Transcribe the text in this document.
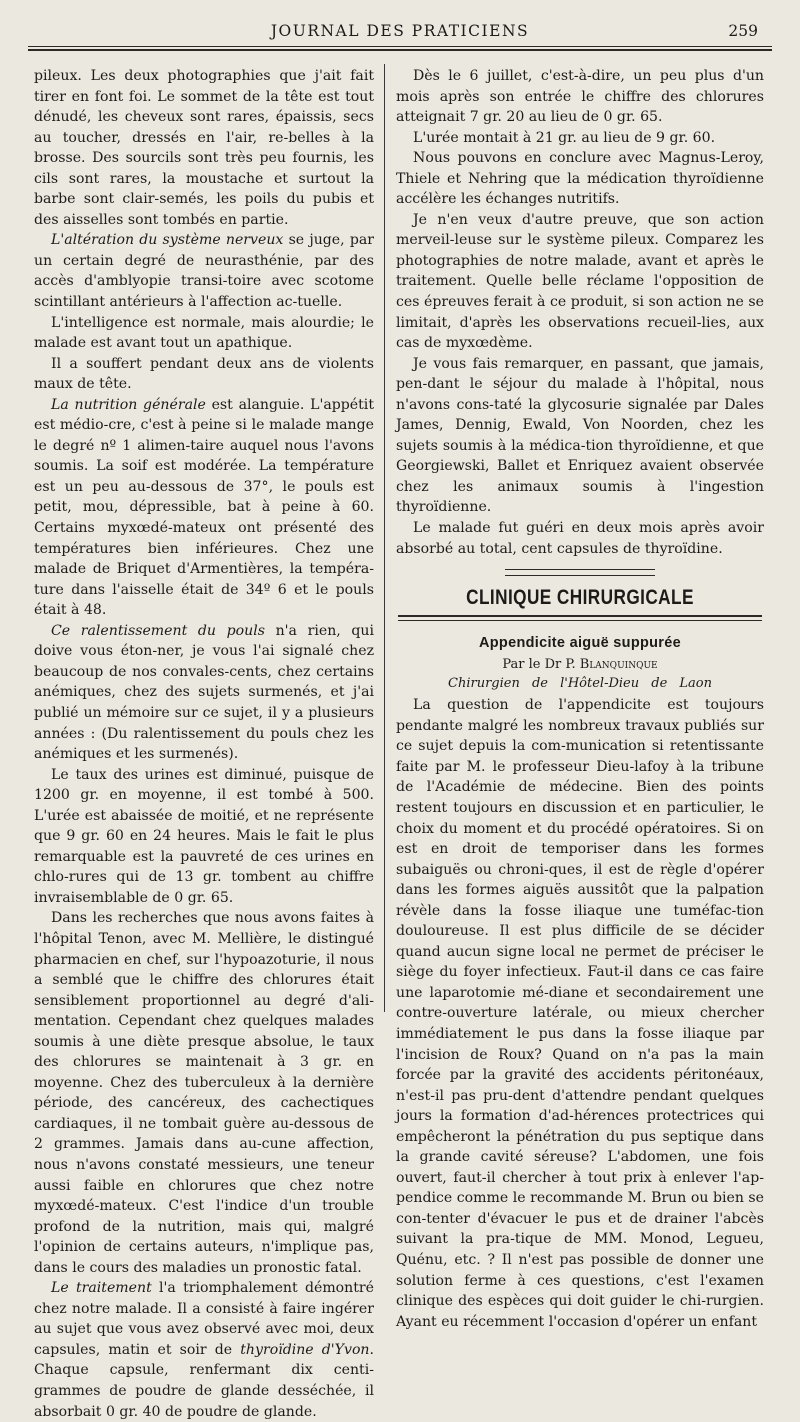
JOURNAL DES PRATICIENS	259

pileux. Les deux photographies que j'ait fait tirer en font foi. Le sommet de la tête est tout dénudé, les cheveux sont rares, épaissis, secs au toucher, dressés en l'air, re-belles à la brosse. Des sourcils sont très peu fournis, les cils sont rares, la moustache et surtout la barbe sont clair-semés, les poils du pubis et des aisselles sont tombés en partie.

L'altération du système nerveux se juge, par un certain degré de neurasthénie, par des accès d'amblyopie transi-toire avec scotome scintillant antérieurs à l'affection ac-tuelle.

L'intelligence est normale, mais alourdie; le malade est avant tout un apathique.

Il a souffert pendant deux ans de violents maux de tête.

La nutrition générale est alanguie. L'appétit est médio-cre, c'est à peine si le malade mange le degré nº 1 alimen-taire auquel nous l'avons soumis. La soif est modérée. La température est un peu au-dessous de 37°, le pouls est petit, mou, dépressible, bat à peine à 60. Certains myxœdé-mateux ont présenté des températures bien inférieures. Chez une malade de Briquet d'Armentières, la tempéra-ture dans l'aisselle était de 34º 6 et le pouls était à 48.

Ce ralentissement du pouls n'a rien, qui doive vous éton-ner, je vous l'ai signalé chez beaucoup de nos convales-cents, chez certains anémiques, chez des sujets surmenés, et j'ai publié un mémoire sur ce sujet, il y a plusieurs années : (Du ralentissement du pouls chez les anémiques et les surmenés).

Le taux des urines est diminué, puisque de 1200 gr. en moyenne, il est tombé à 500. L'urée est abaissée de moitié, et ne représente que 9 gr. 60 en 24 heures. Mais le fait le plus remarquable est la pauvreté de ces urines en chlo-rures qui de 13 gr. tombent au chiffre invraisemblable de 0 gr. 65.

Dans les recherches que nous avons faites à l'hôpital Tenon, avec M. Mellière, le distingué pharmacien en chef, sur l'hypoazoturie, il nous a semblé que le chiffre des chlorures était sensiblement proportionnel au degré d'ali-mentation. Cependant chez quelques malades soumis à une diète presque absolue, le taux des chlorures se maintenait à 3 gr. en moyenne. Chez des tuberculeux à la dernière période, des cancéreux, des cachectiques cardiaques, il ne tombait guère au-dessous de 2 grammes. Jamais dans au-cune affection, nous n'avons constaté messieurs, une teneur aussi faible en chlorures que chez notre myxœdé-mateux. C'est l'indice d'un trouble profond de la nutrition, mais qui, malgré l'opinion de certains auteurs, n'implique pas, dans le cours des maladies un pronostic fatal.

Le traitement l'a triomphalement démontré chez notre malade. Il a consisté à faire ingérer au sujet que vous avez observé avec moi, deux capsules, matin et soir de thyroïdine d'Yvon. Chaque capsule, renfermant dix centi-grammes de poudre de glande desséchée, il absorbait 0 gr. 40 de poudre de glande.

Dès le 6 juillet, c'est-à-dire, un peu plus d'un mois après son entrée le chiffre des chlorures atteignait 7 gr. 20 au lieu de 0 gr. 65.

L'urée montait à 21 gr. au lieu de 9 gr. 60.

Nous pouvons en conclure avec Magnus-Leroy, Thiele et Nehring que la médication thyroïdienne accélère les échanges nutritifs.

Je n'en veux d'autre preuve, que son action merveil-leuse sur le système pileux. Comparez les photographies de notre malade, avant et après le traitement. Quelle belle réclame l'opposition de ces épreuves ferait à ce produit, si son action ne se limitait, d'après les observations recueil-lies, aux cas de myxœdème.

Je vous fais remarquer, en passant, que jamais, pen-dant le séjour du malade à l'hôpital, nous n'avons cons-taté la glycosurie signalée par Dales James, Dennig, Ewald, Von Noorden, chez les sujets soumis à la médica-tion thyroïdienne, et que Georgiewski, Ballet et Enriquez avaient observée chez les animaux soumis à l'ingestion thyroïdienne.

Le malade fut guéri en deux mois après avoir absorbé au total, cent capsules de thyroïdine.

CLINIQUE CHIRURGICALE
Appendicite aiguë suppurée
Par le Dr P. Blanquinque
Chirurgien de l'Hôtel-Dieu de Laon

La question de l'appendicite est toujours pendante malgré les nombreux travaux publiés sur ce sujet depuis la com-munication si retentissante faite par M. le professeur Dieu-lafoy à la tribune de l'Académie de médecine. Bien des points restent toujours en discussion et en particulier, le choix du moment et du procédé opératoires. Si on est en droit de temporiser dans les formes subaiguës ou chroni-ques, il est de règle d'opérer dans les formes aiguës aussitôt que la palpation révèle dans la fosse iliaque une tuméfac-tion douloureuse. Il est plus difficile de se décider quand aucun signe local ne permet de préciser le siège du foyer infectieux. Faut-il dans ce cas faire une laparotomie mé-diane et secondairement une contre-ouverture latérale, ou mieux chercher immédiatement le pus dans la fosse iliaque par l'incision de Roux? Quand on n'a pas la main forcée par la gravité des accidents péritonéaux, n'est-il pas pru-dent d'attendre pendant quelques jours la formation d'ad-hérences protectrices qui empêcheront la pénétration du pus septique dans la grande cavité séreuse? L'abdomen, une fois ouvert, faut-il chercher à tout prix à enlever l'ap-pendice comme le recommande M. Brun ou bien se con-tenter d'évacuer le pus et de drainer l'abcès suivant la pra-tique de MM. Monod, Legueu, Quénu, etc. ? Il n'est pas possible de donner une solution ferme à ces questions, c'est l'examen clinique des espèces qui doit guider le chi-rurgien. Ayant eu récemment l'occasion d'opérer un enfant
